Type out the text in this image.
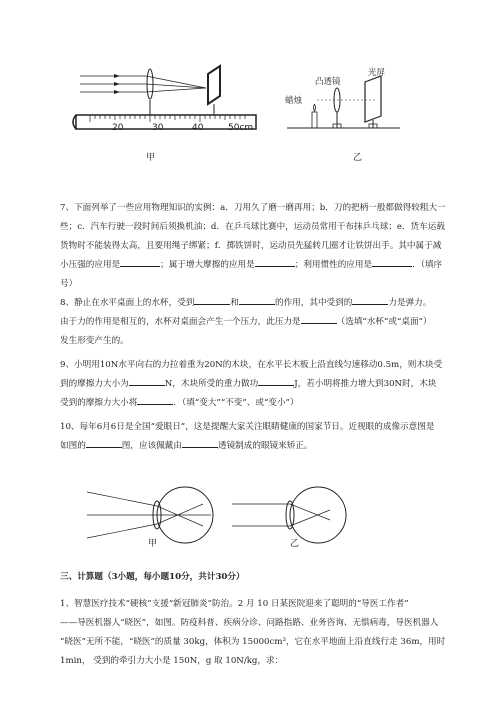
20	30	40	50cm
甲
蜡烛
凸透镜
光屏
乙
7、下面列举了一些应用物理知识的实例：a．刀用久了磨一磨再用；b．刀的把柄一般都做得较粗大一
些；c．汽车行驶一段时间后须换机油；d．在乒乓球比赛中，运动员常用干布抹乒乓球；e．货车运载
货物时不能装得太高，且要用绳子绑紧；f．掷铁饼时，运动员先猛转几圈才让铁饼出手。其中属于减
小压强的应用是	；属于增大摩擦的应用是	；利用惯性的应用是	．（填序
号）
8、静止在水平桌面上的水杯，受到	和	的作用，其中受到的	力是弹力。
由于力的作用是相互的，水杯对桌面会产生一个压力，此压力是	（选填“水杯”或“桌面”）
发生形变产生的。
9、小明用10N水平向右的力拉着重为20N的木块，在水平长木板上沿直线匀速移动0.5m，则木块受
到的摩擦力大小为	N，木块所受的重力做功	J，若小明将推力增大到30N时，木块
受到的摩擦力大小将	．（填“变大”“不变”、或“变小”）
10、每年6月6日是全国“爱眼日”，这是提醒大家关注眼睛健康的国家节日。近视眼的成像示意图是
如图的	图，应该佩戴由	透镜制成的眼镜来矫正。
甲	乙
三、计算题（3小题，每小题10分，共计30分）
1、智慧医疗技术“硬核”支援“新冠肺炎”防治。2 月 10 日某医院迎来了聪明的“导医工作者”
——导医机器人“晓医”，如图。防疫科普、疾病分诊、问路指路、业务咨询、无惧病毒，导医机器人
“晓医”无所不能，“晓医”的质量 30kg，体积为 15000cm³，它在水平地面上沿直线行走 36m，用时
1min， 受到的牵引力大小是 150N，g 取 10N/kg，求：
